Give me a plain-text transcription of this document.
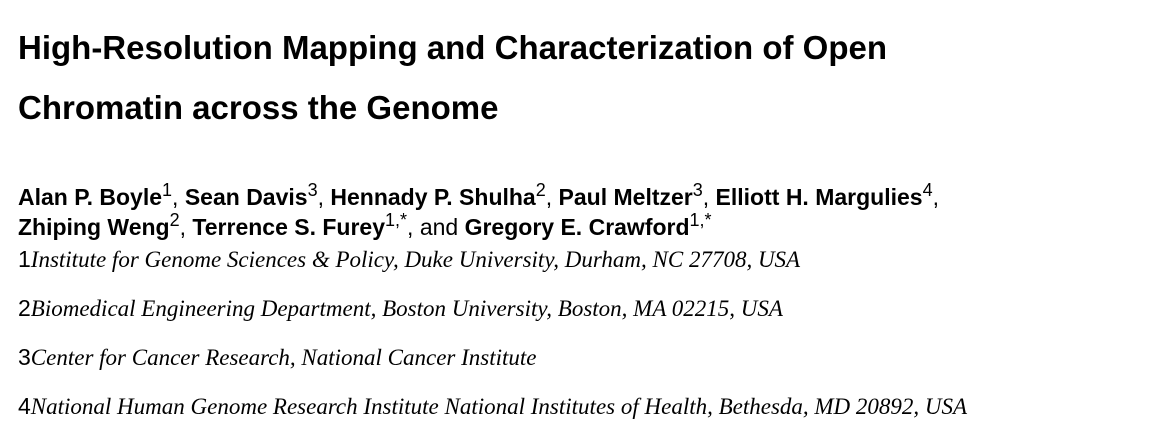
High-Resolution Mapping and Characterization of Open
Chromatin across the Genome
Alan P. Boyle$^1$, Sean Davis$^3$, Hennady P. Shulha$^2$, Paul Meltzer$^3$, Elliott H. Margulies$^4$,
Zhiping Weng$^2$, Terrence S. Furey$^{1,*}$, and Gregory E. Crawford$^{1,*}$
1Institute for Genome Sciences & Policy, Duke University, Durham, NC 27708, USA
2Biomedical Engineering Department, Boston University, Boston, MA 02215, USA
3Center for Cancer Research, National Cancer Institute
4National Human Genome Research Institute National Institutes of Health, Bethesda, MD 20892, USA
